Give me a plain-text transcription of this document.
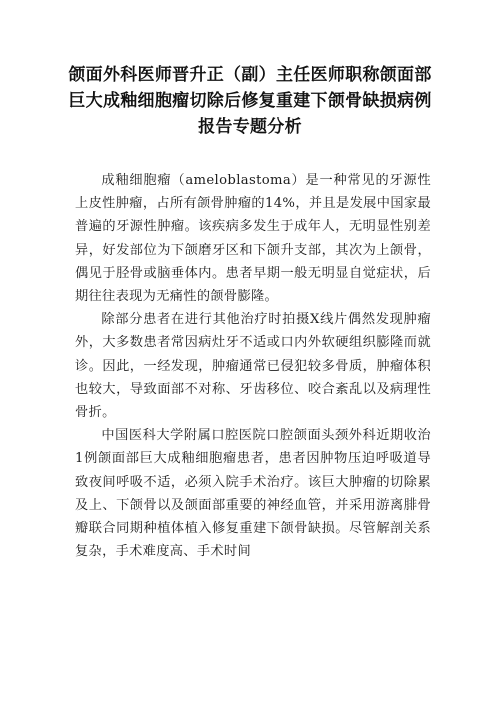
颌面外科医师晋升正（副）主任医师职称颌面部巨大成釉细胞瘤切除后修复重建下颌骨缺损病例报告专题分析

成釉细胞瘤（ameloblastoma）是一种常见的牙源性上皮性肿瘤，占所有颌骨肿瘤的14%，并且是发展中国家最普遍的牙源性肿瘤。该疾病多发生于成年人，无明显性别差异，好发部位为下颌磨牙区和下颌升支部，其次为上颌骨，偶见于胫骨或脑垂体内。患者早期一般无明显自觉症状，后期往往表现为无痛性的颌骨膨隆。

除部分患者在进行其他治疗时拍摄X线片偶然发现肿瘤外，大多数患者常因病灶牙不适或口内外软硬组织膨隆而就诊。因此，一经发现，肿瘤通常已侵犯较多骨质，肿瘤体积也较大，导致面部不对称、牙齿移位、咬合紊乱以及病理性骨折。

中国医科大学附属口腔医院口腔颌面头颈外科近期收治1例颌面部巨大成釉细胞瘤患者，患者因肿物压迫呼吸道导致夜间呼吸不适，必须入院手术治疗。该巨大肿瘤的切除累及上、下颌骨以及颌面部重要的神经血管，并采用游离腓骨瓣联合同期种植体植入修复重建下颌骨缺损。尽管解剖关系复杂，手术难度高、手术时间
